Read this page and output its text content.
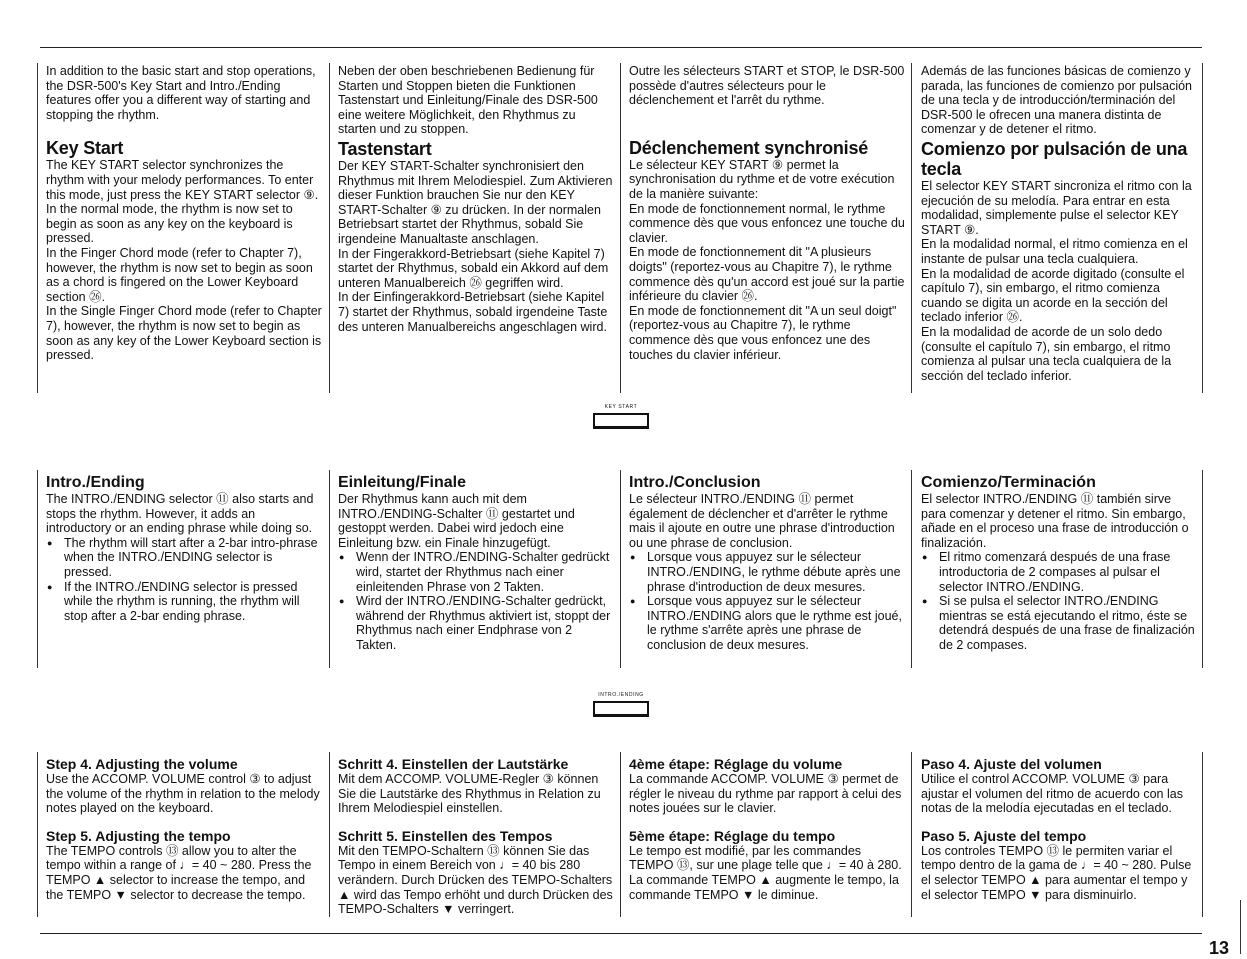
In addition to the basic start and stop operations, the DSR-500's Key Start and Intro./Ending features offer you a different way of starting and stopping the rhythm.

Key Start

The KEY START selector synchronizes the rhythm with your melody performances. To enter this mode, just press the KEY START selector ⑨.
In the normal mode, the rhythm is now set to begin as soon as any key on the keyboard is pressed.
In the Finger Chord mode (refer to Chapter 7), however, the rhythm is now set to begin as soon as a chord is fingered on the Lower Keyboard section ㉖.
In the Single Finger Chord mode (refer to Chapter 7), however, the rhythm is now set to begin as soon as any key of the Lower Keyboard section is pressed.

Neben der oben beschriebenen Bedienung für Starten und Stoppen bieten die Funktionen Tastenstart und Einleitung/Finale des DSR-500 eine weitere Möglichkeit, den Rhythmus zu starten und zu stoppen.

Tastenstart

Der KEY START-Schalter synchronisiert den Rhythmus mit Ihrem Melodiespiel. Zum Aktivieren dieser Funktion brauchen Sie nur den KEY START-Schalter ⑨ zu drücken. In der normalen Betriebsart startet der Rhythmus, sobald Sie irgendeine Manualtaste anschlagen.
In der Fingerakkord-Betriebsart (siehe Kapitel 7) startet der Rhythmus, sobald ein Akkord auf dem unteren Manualbereich ㉖ gegriffen wird.
In der Einfingerakkord-Betriebsart (siehe Kapitel 7) startet der Rhythmus, sobald irgendeine Taste des unteren Manualbereichs angeschlagen wird.

Outre les sélecteurs START et STOP, le DSR-500 possède d'autres sélecteurs pour le déclenchement et l'arrêt du rythme.

Déclenchement synchronisé

Le sélecteur KEY START ⑨ permet la synchronisation du rythme et de votre exécution de la manière suivante:
En mode de fonctionnement normal, le rythme commence dès que vous enfoncez une touche du clavier.
En mode de fonctionnement dit "A plusieurs doigts" (reportez-vous au Chapitre 7), le rythme commence dès qu'un accord est joué sur la partie inférieure du clavier ㉖.
En mode de fonctionnement dit "A un seul doigt" (reportez-vous au Chapitre 7), le rythme commence dès que vous enfoncez une des touches du clavier inférieur.

Además de las funciones básicas de comienzo y parada, las funciones de comienzo por pulsación de una tecla y de introducción/terminación del DSR-500 le ofrecen una manera distinta de comenzar y de detener el ritmo.

Comienzo por pulsación de una tecla

El selector KEY START sincroniza el ritmo con la ejecución de su melodía. Para entrar en esta modalidad, simplemente pulse el selector KEY START ⑨.
En la modalidad normal, el ritmo comienza en el instante de pulsar una tecla cualquiera.
En la modalidad de acorde digitado (consulte el capítulo 7), sin embargo, el ritmo comienza cuando se digita un acorde en la sección del teclado inferior ㉖.
En la modalidad de acorde de un solo dedo (consulte el capítulo 7), sin embargo, el ritmo comienza al pulsar una tecla cualquiera de la sección del teclado inferior.

KEY START
Intro./Ending

The INTRO./ENDING selector ⑪ also starts and stops the rhythm. However, it adds an introductory or an ending phrase while doing so.

● The rhythm will start after a 2-bar intro-phrase when the INTRO./ENDING selector is pressed.
● If the INTRO./ENDING selector is pressed while the rhythm is running, the rhythm will stop after a 2-bar ending phrase.
Einleitung/Finale

Der Rhythmus kann auch mit dem INTRO./ENDING-Schalter ⑪ gestartet und gestoppt werden. Dabei wird jedoch eine Einleitung bzw. ein Finale hinzugefügt.

● Wenn der INTRO./ENDING-Schalter gedrückt wird, startet der Rhythmus nach einer einleitenden Phrase von 2 Takten.
● Wird der INTRO./ENDING-Schalter gedrückt, während der Rhythmus aktiviert ist, stoppt der Rhythmus nach einer Endphrase von 2 Takten.
Intro./Conclusion

Le sélecteur INTRO./ENDING ⑪ permet également de déclencher et d'arrêter le rythme mais il ajoute en outre une phrase d'introduction ou une phrase de conclusion.

● Lorsque vous appuyez sur le sélecteur INTRO./ENDING, le rythme débute après une phrase d'introduction de deux mesures.
● Lorsque vous appuyez sur le sélecteur INTRO./ENDING alors que le rythme est joué, le rythme s'arrête après une phrase de conclusion de deux mesures.
Comienzo/Terminación

El selector INTRO./ENDING ⑪ también sirve para comenzar y detener el ritmo. Sin embargo, añade en el proceso una frase de introducción o finalización.

● El ritmo comenzará después de una frase introductoria de 2 compases al pulsar el selector INTRO./ENDING.
● Si se pulsa el selector INTRO./ENDING mientras se está ejecutando el ritmo, éste se detendrá después de una frase de finalización de 2 compases.
INTRO./ENDING
Step 4. Adjusting the volume

Use the ACCOMP. VOLUME control ③ to adjust the volume of the rhythm in relation to the melody notes played on the keyboard.

Step 5. Adjusting the tempo

The TEMPO controls ⑬ allow you to alter the tempo within a range of ♩= 40 ~ 280. Press the TEMPO ▲ selector to increase the tempo, and the TEMPO ▼ selector to decrease the tempo.

Schritt 4. Einstellen der Lautstärke

Mit dem ACCOMP. VOLUME-Regler ③ können Sie die Lautstärke des Rhythmus in Relation zu Ihrem Melodiespiel einstellen.

Schritt 5. Einstellen des Tempos

Mit den TEMPO-Schaltern ⑬ können Sie das Tempo in einem Bereich von ♩= 40 bis 280 verändern. Durch Drücken des TEMPO-Schalters ▲ wird das Tempo erhöht und durch Drücken des TEMPO-Schalters ▼ verringert.

4ème étape: Réglage du volume

La commande ACCOMP. VOLUME ③ permet de régler le niveau du rythme par rapport à celui des notes jouées sur le clavier.

5ème étape: Réglage du tempo

Le tempo est modifié, par les commandes TEMPO ⑬, sur une plage telle que ♩= 40 à 280. La commande TEMPO ▲ augmente le tempo, la commande TEMPO ▼ le diminue.

Paso 4. Ajuste del volumen

Utilice el control ACCOMP. VOLUME ③ para ajustar el volumen del ritmo de acuerdo con las notas de la melodía ejecutadas en el teclado.

Paso 5. Ajuste del tempo

Los controles TEMPO ⑬ le permiten variar el tempo dentro de la gama de ♩= 40 ~ 280. Pulse el selector TEMPO ▲ para aumentar el tempo y el selector TEMPO ▼ para disminuirlo.

13
